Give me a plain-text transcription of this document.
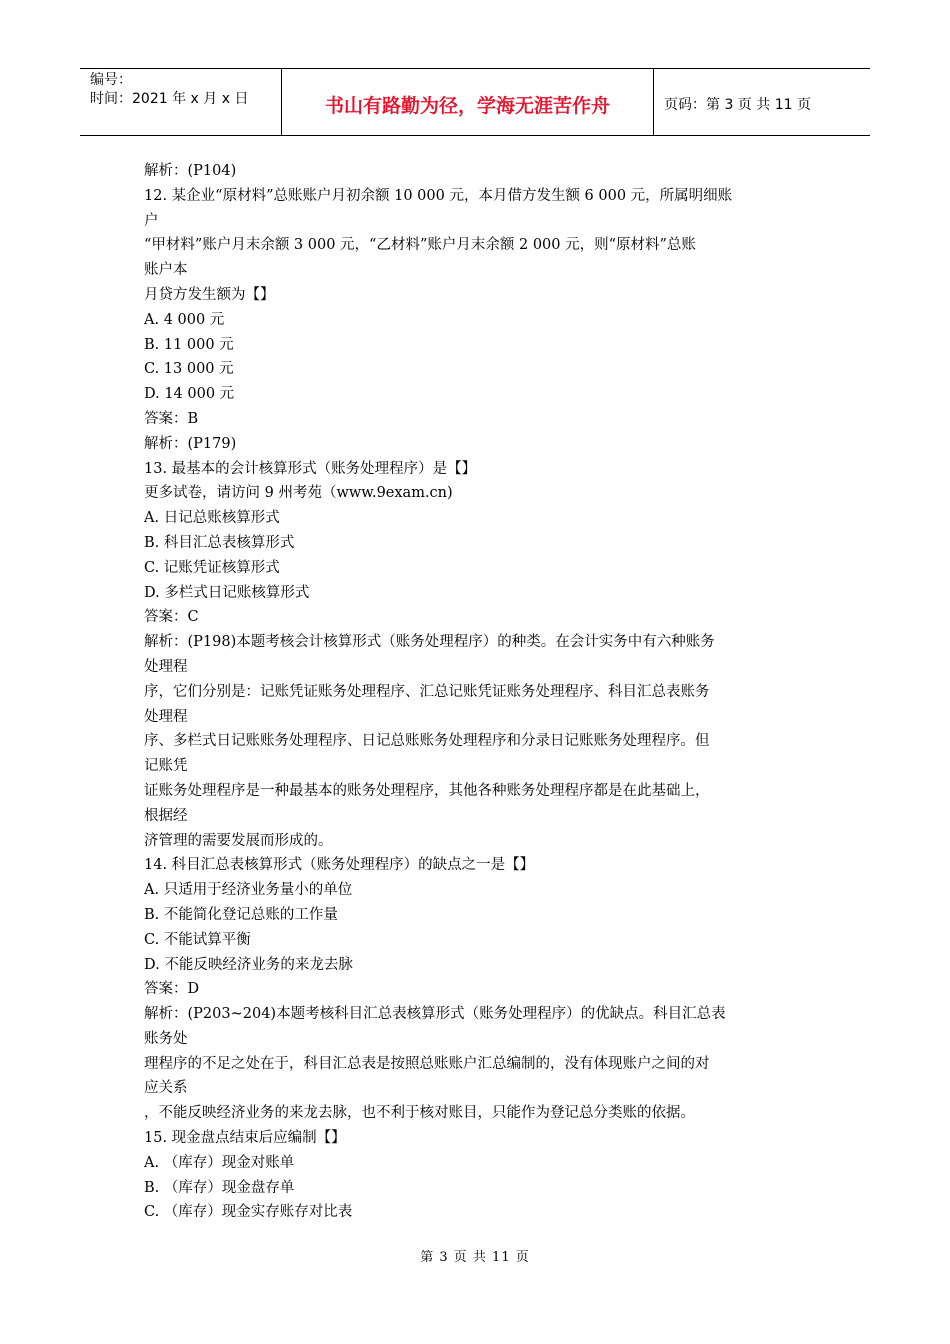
编号：
时间：2021 年 x 月 x 日	书山有路勤为径，学海无涯苦作舟	页码：第 3 页 共 11 页
解析：(P104)
12. 某企业“原材料”总账账户月初余额 10 000 元，本月借方发生额 6 000 元，所属明细账
户
“甲材料”账户月末余额 3 000 元，“乙材料”账户月末余额 2 000 元，则“原材料”总账
账户本
月贷方发生额为【】
A. 4 000 元
B. 11 000 元
C. 13 000 元
D. 14 000 元
答案：B
解析：(P179)
13. 最基本的会计核算形式（账务处理程序）是【】
更多试卷，请访问 9 州考苑（www.9exam.cn)
A. 日记总账核算形式
B. 科目汇总表核算形式
C. 记账凭证核算形式
D. 多栏式日记账核算形式
答案：C
解析：(P198)本题考核会计核算形式（账务处理程序）的种类。在会计实务中有六种账务
处理程
序，它们分别是：记账凭证账务处理程序、汇总记账凭证账务处理程序、科目汇总表账务
处理程
序、多栏式日记账账务处理程序、日记总账账务处理程序和分录日记账账务处理程序。但
记账凭
证账务处理程序是一种最基本的账务处理程序，其他各种账务处理程序都是在此基础上，
根据经
济管理的需要发展而形成的。
14. 科目汇总表核算形式（账务处理程序）的缺点之一是【】
A. 只适用于经济业务量小的单位
B. 不能简化登记总账的工作量
C. 不能试算平衡
D. 不能反映经济业务的来龙去脉
答案：D
解析：(P203~204)本题考核科目汇总表核算形式（账务处理程序）的优缺点。科目汇总表
账务处
理程序的不足之处在于，科目汇总表是按照总账账户汇总编制的，没有体现账户之间的对
应关系
，不能反映经济业务的来龙去脉，也不利于核对账目，只能作为登记总分类账的依据。
15. 现金盘点结束后应编制【】
A. （库存）现金对账单
B. （库存）现金盘存单
C. （库存）现金实存账存对比表
第 3 页 共 11 页
